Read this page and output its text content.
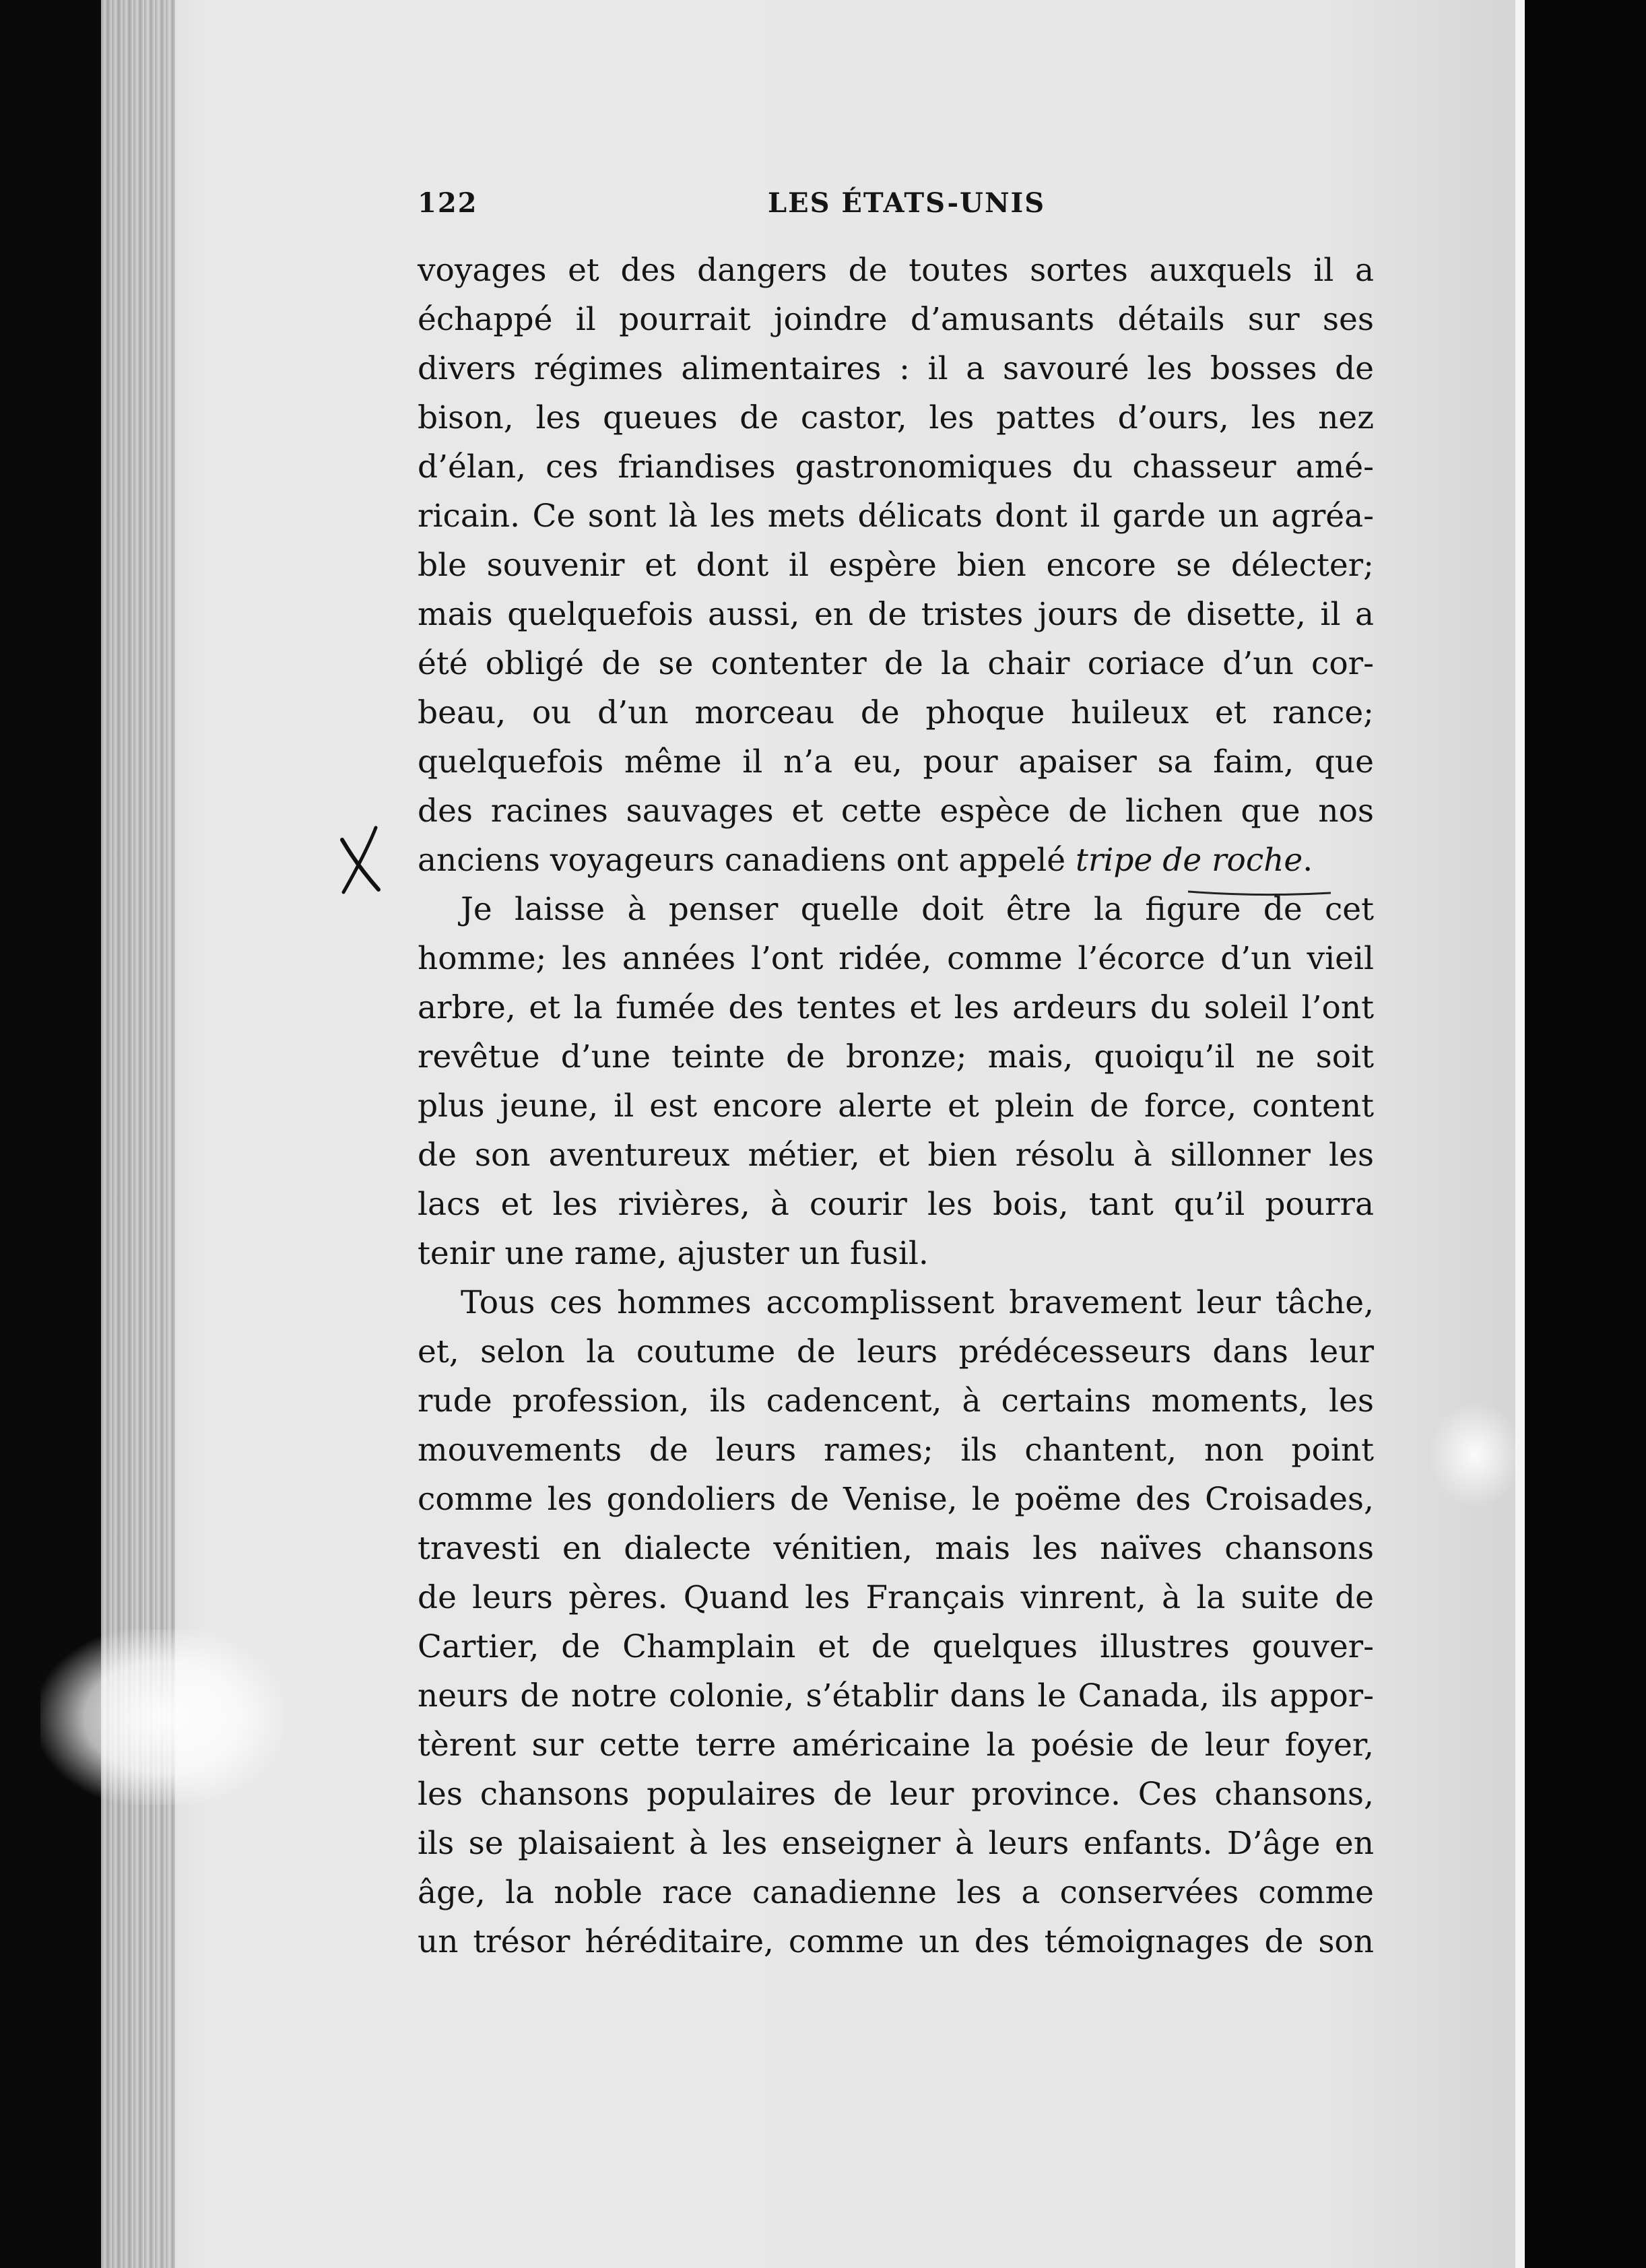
122	LES ÉTATS-UNIS
voyages et des dangers de toutes sortes auxquels il a
échappé il pourrait joindre d’amusants détails sur ses
divers régimes alimentaires : il a savouré les bosses de
bison, les queues de castor, les pattes d’ours, les nez
d’élan, ces friandises gastronomiques du chasseur amé-
ricain. Ce sont là les mets délicats dont il garde un agréa-
ble souvenir et dont il espère bien encore se délecter;
mais quelquefois aussi, en de tristes jours de disette, il a
été obligé de se contenter de la chair coriace d’un cor-
beau, ou d’un morceau de phoque huileux et rance;
quelquefois même il n’a eu, pour apaiser sa faim, que
des racines sauvages et cette espèce de lichen que nos
anciens voyageurs canadiens ont appelé tripe de roche.
Je laisse à penser quelle doit être la figure de cet
homme; les années l’ont ridée, comme l’écorce d’un vieil
arbre, et la fumée des tentes et les ardeurs du soleil l’ont
revêtue d’une teinte de bronze; mais, quoiqu’il ne soit
plus jeune, il est encore alerte et plein de force, content
de son aventureux métier, et bien résolu à sillonner les
lacs et les rivières, à courir les bois, tant qu’il pourra
tenir une rame, ajuster un fusil.
Tous ces hommes accomplissent bravement leur tâche,
et, selon la coutume de leurs prédécesseurs dans leur
rude profession, ils cadencent, à certains moments, les
mouvements de leurs rames; ils chantent, non point
comme les gondoliers de Venise, le poëme des Croisades,
travesti en dialecte vénitien, mais les naïves chansons
de leurs pères. Quand les Français vinrent, à la suite de
Cartier, de Champlain et de quelques illustres gouver-
neurs de notre colonie, s’établir dans le Canada, ils appor-
tèrent sur cette terre américaine la poésie de leur foyer,
les chansons populaires de leur province. Ces chansons,
ils se plaisaient à les enseigner à leurs enfants. D’âge en
âge, la noble race canadienne les a conservées comme
un trésor héréditaire, comme un des témoignages de son
